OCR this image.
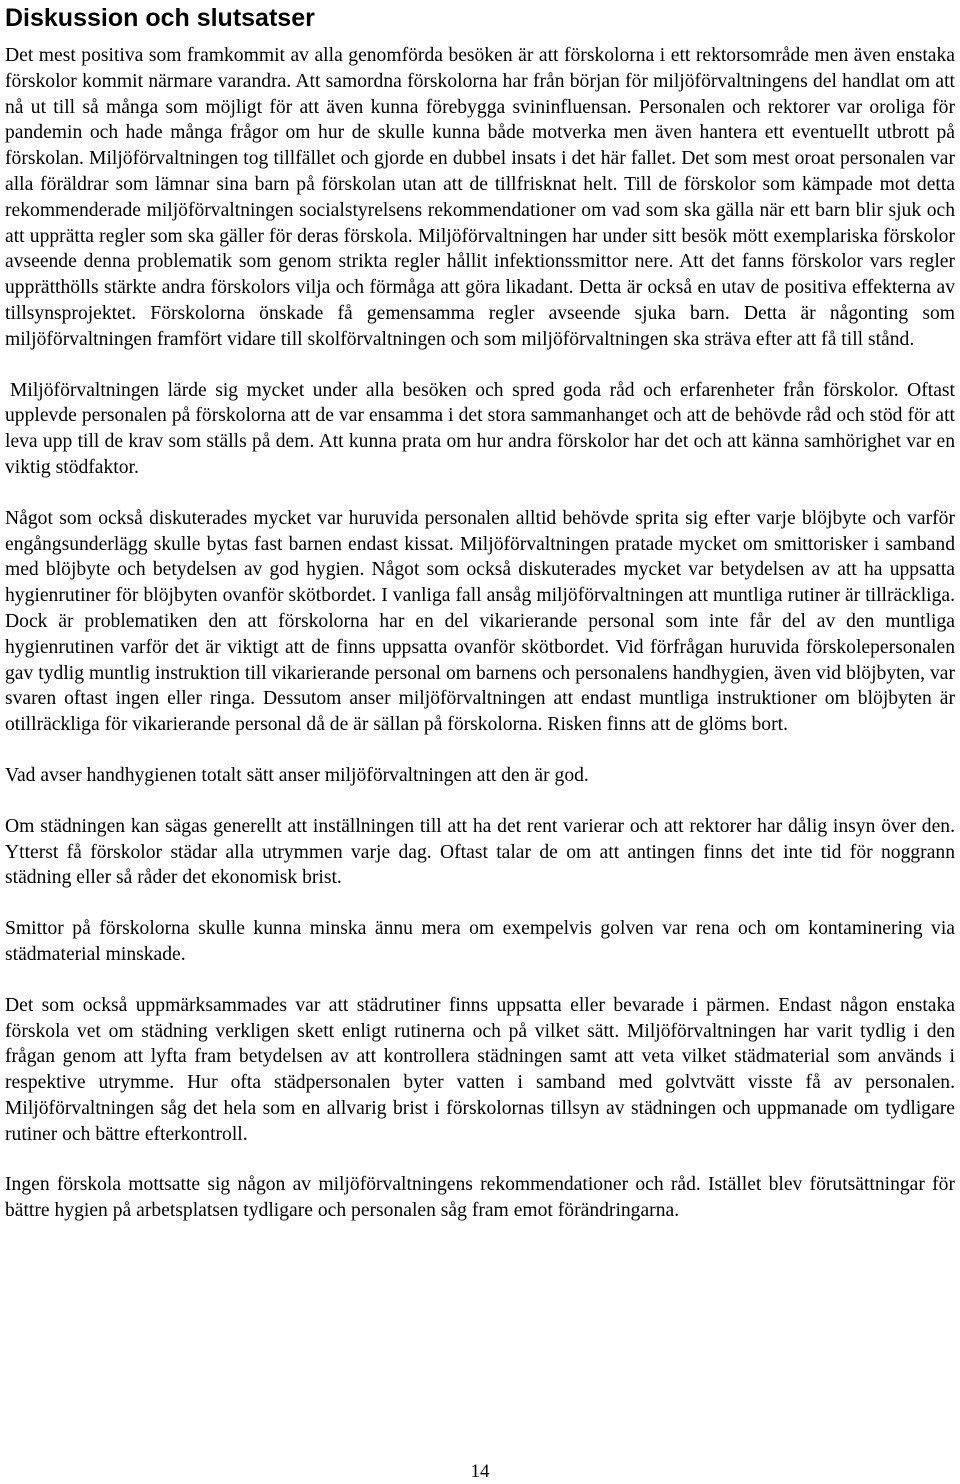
Diskussion och slutsatser

Det mest positiva som framkommit av alla genomförda besöken är att förskolorna i ett rektorsområde men även enstaka förskolor kommit närmare varandra. Att samordna förskolorna har från början för miljöförvaltningens del handlat om att nå ut till så många som möjligt för att även kunna förebygga svininfluensan. Personalen och rektorer var oroliga för pandemin och hade många frågor om hur de skulle kunna både motverka men även hantera ett eventuellt utbrott på förskolan. Miljöförvaltningen tog tillfället och gjorde en dubbel insats i det här fallet. Det som mest oroat personalen var alla föräldrar som lämnar sina barn på förskolan utan att de tillfrisknat helt. Till de förskolor som kämpade mot detta rekommenderade miljöförvaltningen socialstyrelsens rekommendationer om vad som ska gälla när ett barn blir sjuk och att upprätta regler som ska gäller för deras förskola. Miljöförvaltningen har under sitt besök mött exemplariska förskolor avseende denna problematik som genom strikta regler hållit infektionssmittor nere. Att det fanns förskolor vars regler upprätthölls stärkte andra förskolors vilja och förmåga att göra likadant. Detta är också en utav de positiva effekterna av tillsynsprojektet. Förskolorna önskade få gemensamma regler avseende sjuka barn. Detta är någonting som miljöförvaltningen framfört vidare till skolförvaltningen och som miljöförvaltningen ska sträva efter att få till stånd.

Miljöförvaltningen lärde sig mycket under alla besöken och spred goda råd och erfarenheter från förskolor. Oftast upplevde personalen på förskolorna att de var ensamma i det stora sammanhanget och att de behövde råd och stöd för att leva upp till de krav som ställs på dem. Att kunna prata om hur andra förskolor har det och att känna samhörighet var en viktig stödfaktor.

Något som också diskuterades mycket var huruvida personalen alltid behövde sprita sig efter varje blöjbyte och varför engångsunderlägg skulle bytas fast barnen endast kissat. Miljöförvaltningen pratade mycket om smittorisker i samband med blöjbyte och betydelsen av god hygien. Något som också diskuterades mycket var betydelsen av att ha uppsatta hygienrutiner för blöjbyten ovanför skötbordet. I vanliga fall ansåg miljöförvaltningen att muntliga rutiner är tillräckliga. Dock är problematiken den att förskolorna har en del vikarierande personal som inte får del av den muntliga hygienrutinen varför det är viktigt att de finns uppsatta ovanför skötbordet. Vid förfrågan huruvida förskolepersonalen gav tydlig muntlig instruktion till vikarierande personal om barnens och personalens handhygien, även vid blöjbyten, var svaren oftast ingen eller ringa. Dessutom anser miljöförvaltningen att endast muntliga instruktioner om blöjbyten är otillräckliga för vikarierande personal då de är sällan på förskolorna. Risken finns att de glöms bort.

Vad avser handhygienen totalt sätt anser miljöförvaltningen att den är god.

Om städningen kan sägas generellt att inställningen till att ha det rent varierar och att rektorer har dålig insyn över den. Ytterst få förskolor städar alla utrymmen varje dag. Oftast talar de om att antingen finns det inte tid för noggrann städning eller så råder det ekonomisk brist.

Smittor på förskolorna skulle kunna minska ännu mera om exempelvis golven var rena och om kontaminering via städmaterial minskade.

Det som också uppmärksammades var att städrutiner finns uppsatta eller bevarade i pärmen. Endast någon enstaka förskola vet om städning verkligen skett enligt rutinerna och på vilket sätt. Miljöförvaltningen har varit tydlig i den frågan genom att lyfta fram betydelsen av att kontrollera städningen samt att veta vilket städmaterial som används i respektive utrymme. Hur ofta städpersonalen byter vatten i samband med golvtvätt visste få av personalen. Miljöförvaltningen såg det hela som en allvarig brist i förskolornas tillsyn av städningen och uppmanade om tydligare rutiner och bättre efterkontroll.

Ingen förskola mottsatte sig någon av miljöförvaltningens rekommendationer och råd. Istället blev förutsättningar för bättre hygien på arbetsplatsen tydligare och personalen såg fram emot förändringarna.

14
